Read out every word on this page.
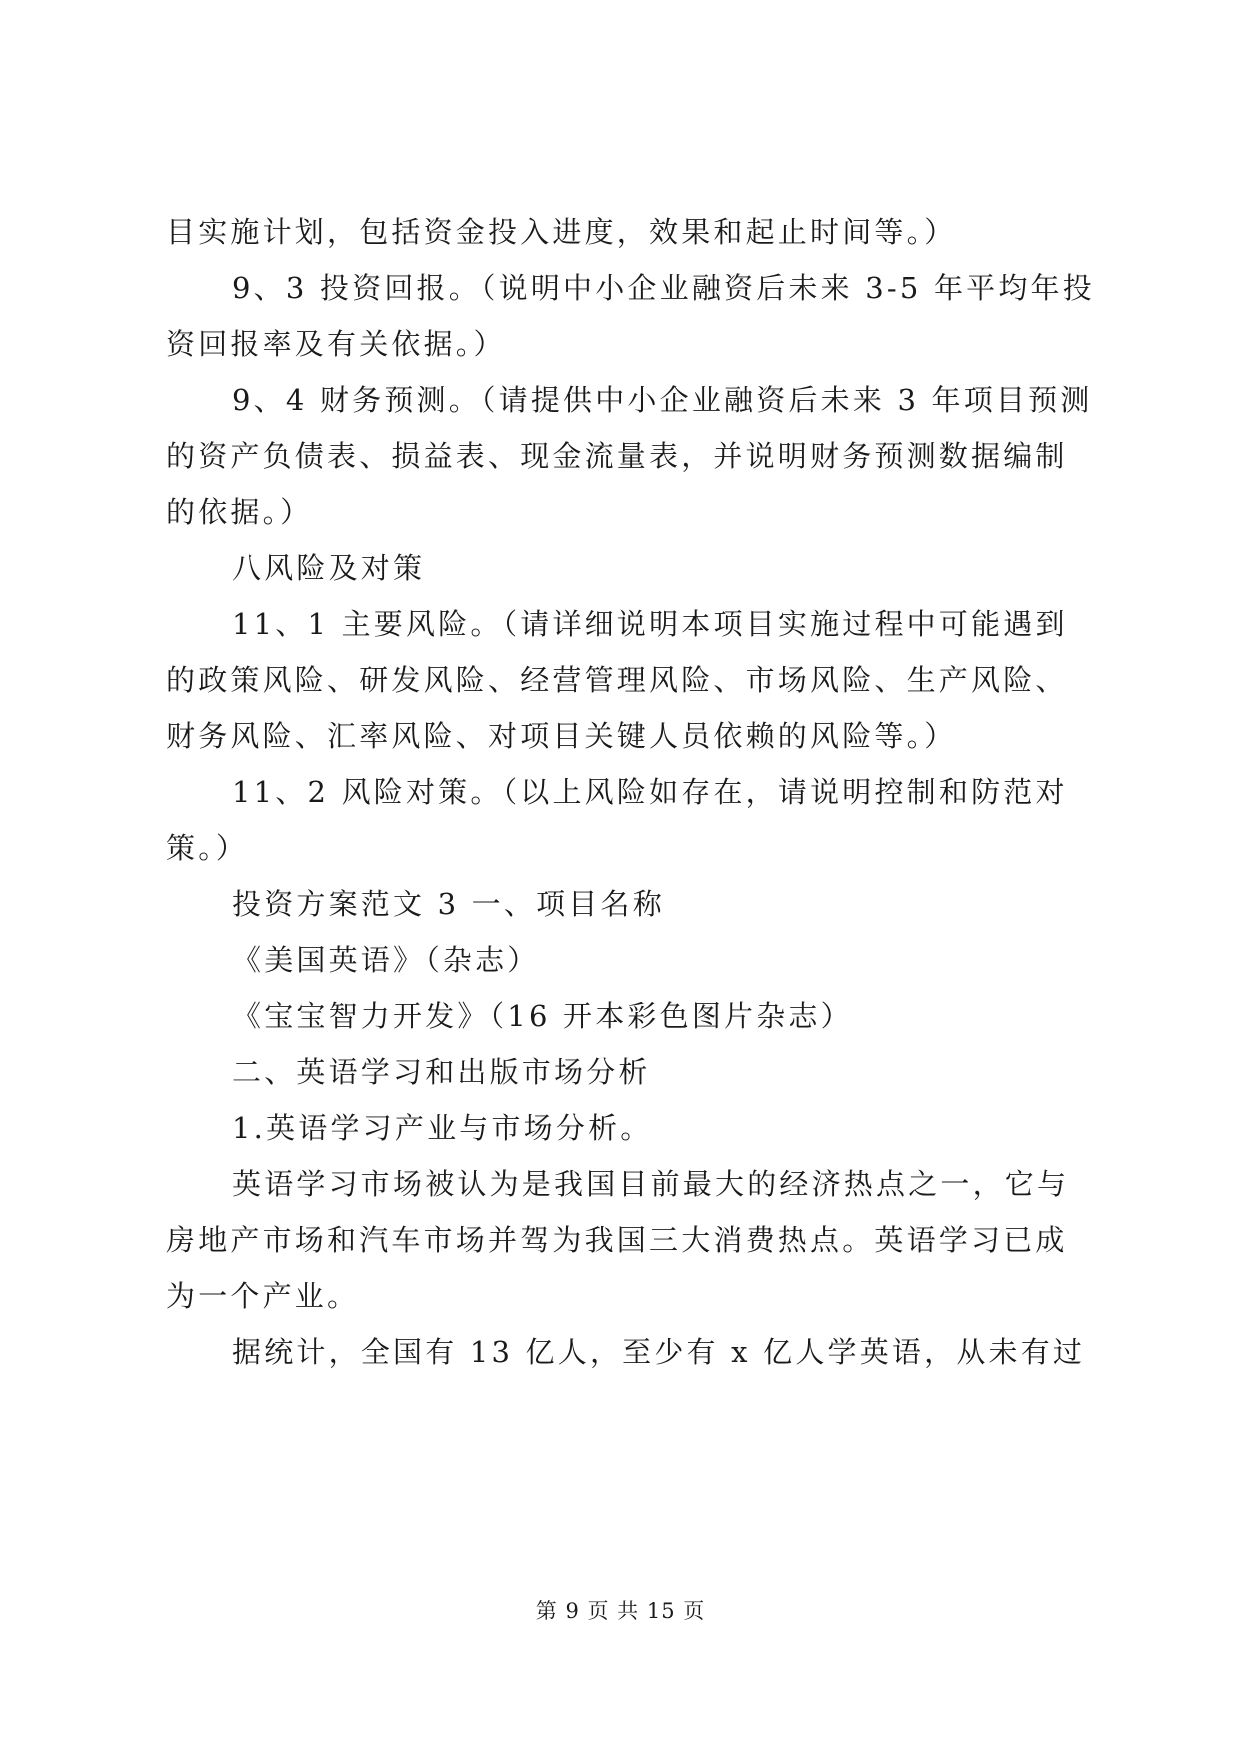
目实施计划，包括资金投入进度，效果和起止时间等。）
9、3 投资回报。（说明中小企业融资后未来 3-5 年平均年投
资回报率及有关依据。）
9、4 财务预测。（请提供中小企业融资后未来 3 年项目预测
的资产负债表、损益表、现金流量表，并说明财务预测数据编制
的依据。）
八风险及对策
11、1 主要风险。（请详细说明本项目实施过程中可能遇到
的政策风险、研发风险、经营管理风险、市场风险、生产风险、
财务风险、汇率风险、对项目关键人员依赖的风险等。）
11、2 风险对策。（以上风险如存在，请说明控制和防范对
策。）
投资方案范文 3 一、项目名称
《美国英语》（杂志）
《宝宝智力开发》（16 开本彩色图片杂志）
二、英语学习和出版市场分析
1.英语学习产业与市场分析。
英语学习市场被认为是我国目前最大的经济热点之一，它与
房地产市场和汽车市场并驾为我国三大消费热点。英语学习已成
为一个产业。
据统计，全国有 13 亿人，至少有 x 亿人学英语，从未有过
第 9 页 共 15 页
